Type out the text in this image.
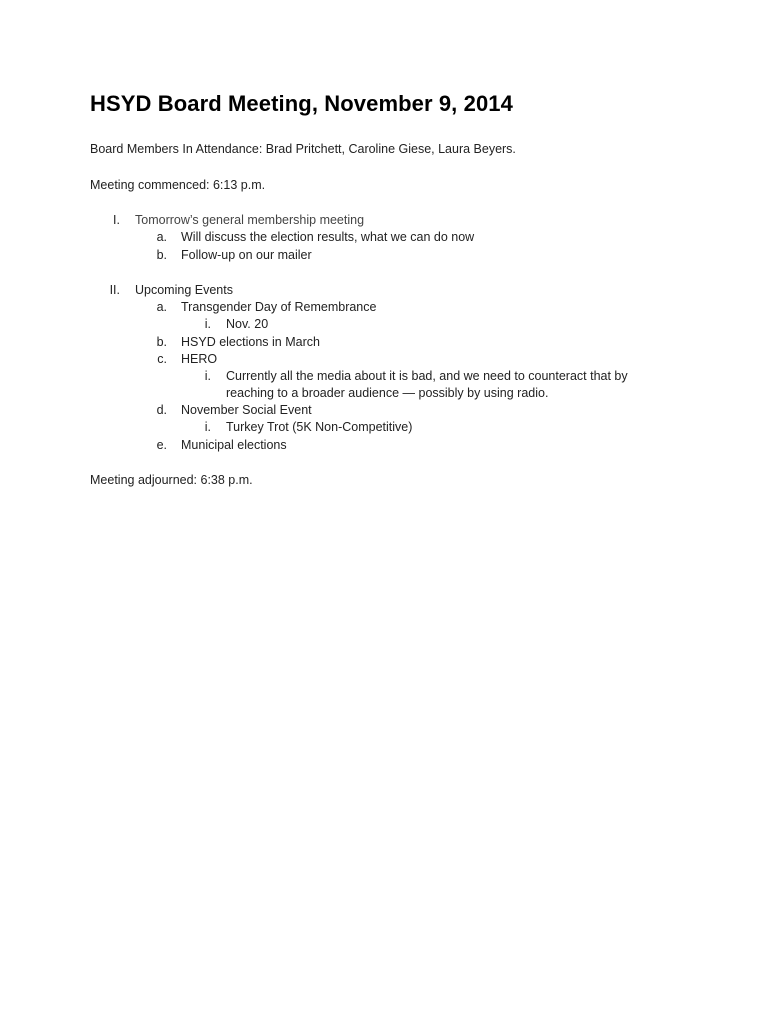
HSYD Board Meeting, November 9, 2014
Board Members In Attendance: Brad Pritchett, Caroline Giese, Laura Beyers.
Meeting commenced: 6:13 p.m.
I. Tomorrow’s general membership meeting
a. Will discuss the election results, what we can do now
b. Follow-up on our mailer
II. Upcoming Events
a. Transgender Day of Remembrance
i. Nov. 20
b. HSYD elections in March
c. HERO
i. Currently all the media about it is bad, and we need to counteract that by
reaching to a broader audience — possibly by using radio.
d. November Social Event
i. Turkey Trot (5K Non-Competitive)
e. Municipal elections
Meeting adjourned: 6:38 p.m.
